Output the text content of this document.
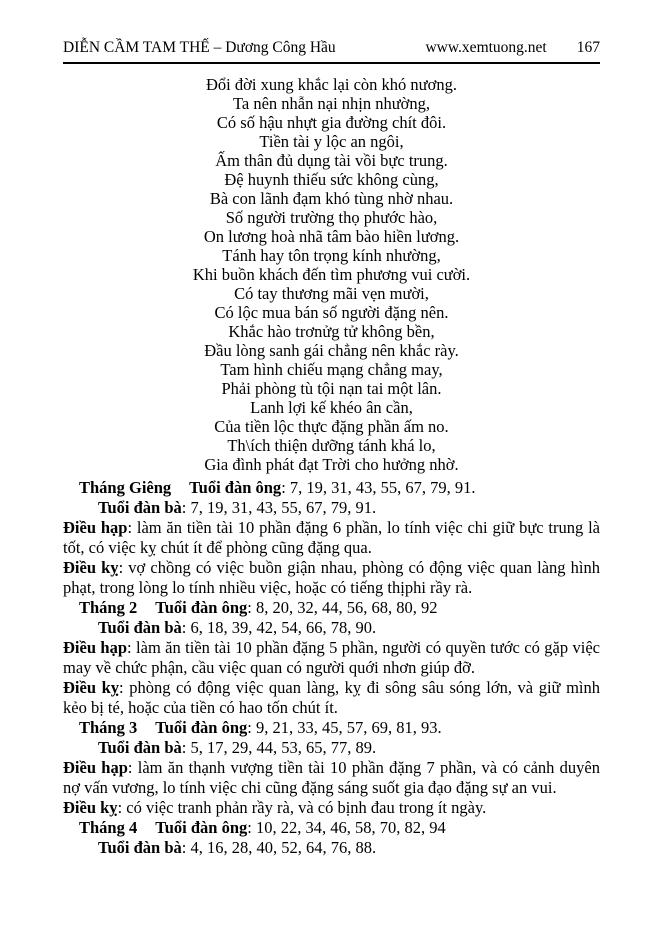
DIỄN CẦM TAM THẾ – Dương Công Hầu	www.xemtuong.net 167

Đổi đời xung khắc lại còn khó nương.

Ta nên nhẫn nại nhịn nhường,

Có số hậu nhựt gia đường chít đôi.

Tiền tài y lộc an ngôi,

Ấm thân đủ dụng tài vồi bực trung.

Đệ huynh thiếu sức không cùng,

Bà con lãnh đạm khó tùng nhờ nhau.

Số người trường thọ phước hào,

On lương hoà nhã tâm bào hiền lương.

Tánh hay tôn trọng kính nhường,

Khi buồn khách đến tìm phương vui cười.

Có tay thương mãi vẹn mười,

Có lộc mua bán số người đặng nên.

Khắc hào trơnửg tử không bền,

Đầu lòng sanh gái chẳng nên khắc rày.

Tam hình chiếu mạng chẳng may,

Phải phòng tù tội nạn tai một lân.

Lanh lợi kế khéo ân cần,

Của tiền lộc thực đặng phần ấm no.

Th\ích thiện dưỡng tánh khá lo,

Gia đình phát đạt Trời cho hưởng nhờ.

Tháng Giêng Tuổi đàn ông: 7, 19, 31, 43, 55, 67, 79, 91.

Tuổi đàn bà: 7, 19, 31, 43, 55, 67, 79, 91.

Điều hạp: làm ăn tiền tài 10 phần đặng 6 phần, lo tính việc chi giữ bực trung là tốt, có việc kỵ chút ít để phòng cũng đặng qua.

Điều kỵ: vợ chồng có việc buồn giận nhau, phòng có động việc quan làng hình phạt, trong lòng lo tính nhiều việc, hoặc có tiếng thịphi rầy rà.

Tháng 2 Tuổi đàn ông: 8, 20, 32, 44, 56, 68, 80, 92

Tuổi đàn bà: 6, 18, 39, 42, 54, 66, 78, 90.

Điều hạp: làm ăn tiền tài 10 phần đặng 5 phần, người có quyền tước có gặp việc may về chức phận, cầu việc quan có người quới nhơn giúp đỡ.

Điều kỵ: phòng có động việc quan làng, kỵ đi sông sâu sóng lớn, và giữ mình kẻo bị té, hoặc của tiền có hao tốn chút ít.

Tháng 3 Tuổi đàn ông: 9, 21, 33, 45, 57, 69, 81, 93.

Tuổi đàn bà: 5, 17, 29, 44, 53, 65, 77, 89.

Điều hạp: làm ăn thạnh vượng tiền tài 10 phần đặng 7 phần, và có cảnh duyên nợ vấn vương, lo tính việc chi cũng đặng sáng suốt gia đạo đặng sự an vui.

Điều kỵ: có việc tranh phản rầy rà, và có bịnh đau trong ít ngày.

Tháng 4 Tuổi đàn ông: 10, 22, 34, 46, 58, 70, 82, 94

Tuổi đàn bà: 4, 16, 28, 40, 52, 64, 76, 88.
